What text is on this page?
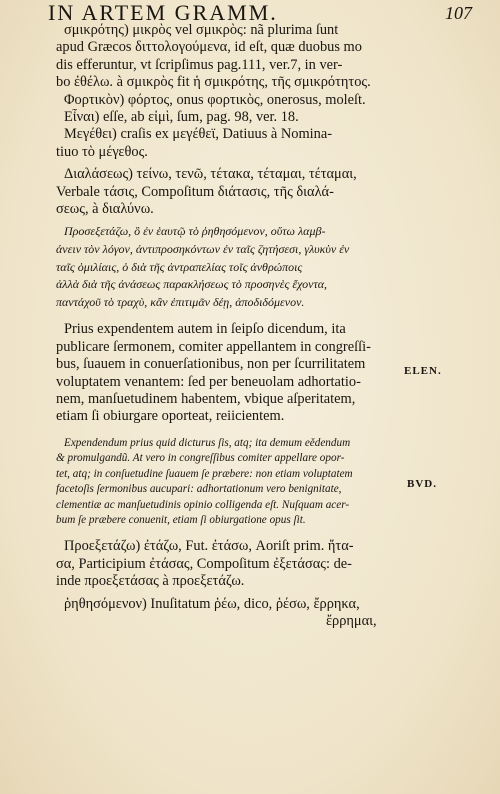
IN ARTEM GRAMM.	107

σμικρότης) μικρὸς vel σμικρὸς: nã plurima ſunt
apud Græcos διττολογούμενα, id eſt, quæ duobus mo
dis efferuntur, vt ſcripſimus pag.111, ver.7, in ver-
bo ἐθέλω. à σμικρὸς fit ἡ σμικρότης, τῆς σμικρότητος.

Φορτικὸν) φόρτος, onus φορτικὸς, onerosus, moleſt.
Εἶναι) eſſe, ab εἰμὶ, ſum, pag. 98, ver. 18.

Μεγέθει) craſis ex μεγέθεϊ, Datiuus à Nomina-
tiuo τὸ μέγεθος.

Διαλάσεως) τείνω, τενῶ, τέτακα, τέταμαι, τέταμαι,
Verbale τάσις, Compoſitum διάτασις, τῆς διαλά-
σεως, à διαλύνω.

Προσεξετάζω, ὃ ἐν ἑαυτῷ τὸ ῥηθησόμενον, οὕτω λαμβ-
άνειν τὸν λόγον, ἀντιπροσηκόντων ἐν ταῖς ζητήσεσι, γλυκὺν ἐν
ταῖς ὁμιλίαις, ὁ διὰ τῆς ἀντραπελίας τοῖς ἀνθρώποις
ἀλλὰ διὰ τῆς ἀνάσεως παρακλήσεως τὸ προσηνὲς ἔχοντα,
παντάχοῦ τὸ τραχὺ, κἂν ἐπιτιμᾶν δέῃ, ἀποδιδόμενον.

Prius expendentem autem in ſeipſo dicendum, ita
publicare ſermonem, comiter appellantem in congreſſi-
bus, ſuauem in conuerſationibus, non per ſcurrilitatem
voluptatem venantem: ſed per beneuolam adhortatio-
nem, manſuetudinem habentem, vbique aſperitatem,
etiam ſi obiurgare oporteat, reiicientem.

Expendendum prius quid dicturus ſis, atq; ita demum eědendum
& promulgandũ. At vero in congreſſibus comiter appellare opor-
tet, atq; in conſuetudine ſuauem ſe præbere: non etiam voluptatem
facetoſis ſermonibus aucupari: adhortationum vero benignitate,
clementiæ ac manſuetudinis opinio colligenda eſt. Nuſquam acer-
bum ſe præbere conuenit, etiam ſi obiurgatione opus ſit.

Προεξετάζω) ἐτάζω, Fut. ἐτάσω, Aoriſt prim. ἤτα-
σα, Participium ἐτάσας, Compoſitum ἐξετάσας: de-
inde προεξετάσας à προεξετάζω.

ῥηθησόμενον) Inuſitatum ῥέω, dico, ῥέσω, ἔρρηκα,
ἔρρημαι,

ELEN.
BVD.
